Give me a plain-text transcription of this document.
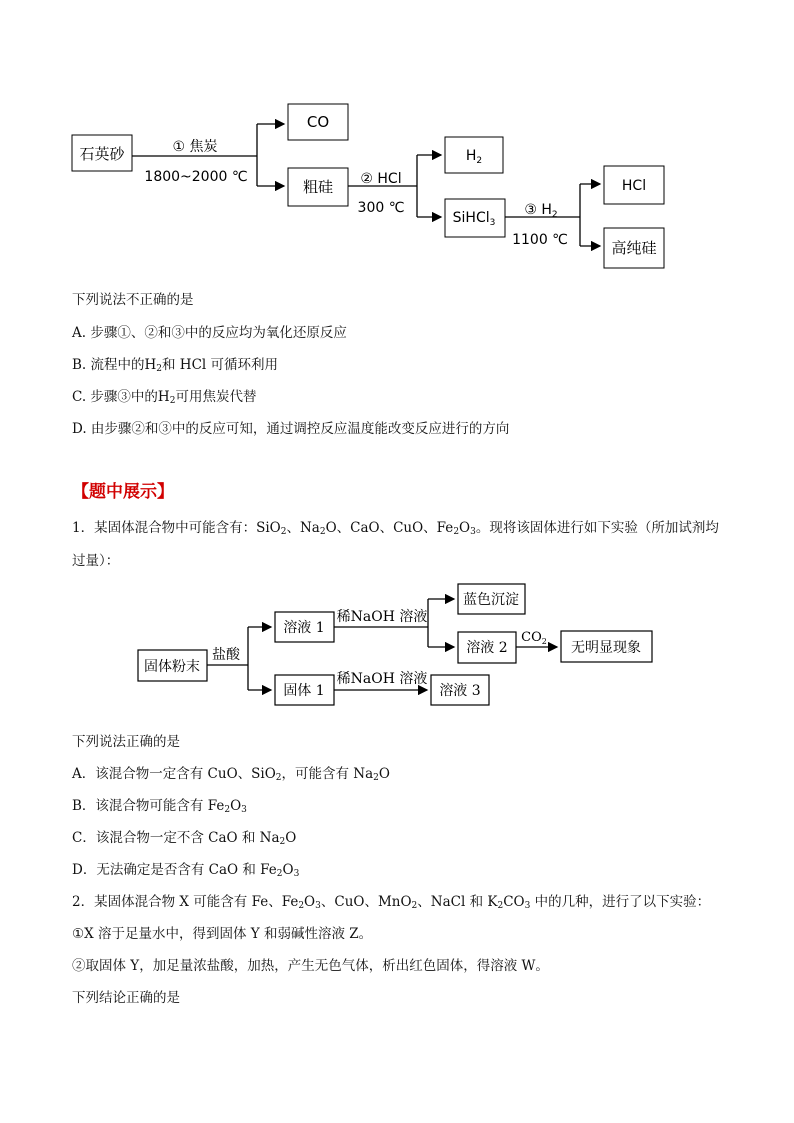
石英砂	① 焦炭
1800~2000 ℃
CO
粗硅 ② HCl
300 ℃
$H_2$
SiHCl$_3$
③ $H_2$
1100 ℃
HCl
高纯硅
下列说法不正确的是
A. 步骤①、②和③中的反应均为氧化还原反应
B. 流程中的$H_2$和 HCl 可循环利用
C. 步骤③中的$H_2$可用焦炭代替
D. 由步骤②和③中的反应可知，通过调控反应温度能改变反应进行的方向
【题中展示】
1．某固体混合物中可能含有：SiO$_2$、$Na_2O$、CaO、CuO、$Fe_2O_3$。现将该固体进行如下实验（所加试剂均
过量）：
固体粉末
盐酸
溶液 1
稀NaOH 溶液
蓝色沉淀
溶液 2
$CO_2$ 无明显现象
固体 1
稀NaOH 溶液
溶液 3
下列说法正确的是
A．该混合物一定含有 CuO、SiO$_2$，可能含有 $Na_2O$
B．该混合物可能含有 $Fe_2O_3$
C．该混合物一定不含 CaO 和 $Na_2O$
D．无法确定是否含有 CaO 和 $Fe_2O_3$
2．某固体混合物 X 可能含有 Fe、$Fe_2O_3$、CuO、MnO$_2$、NaCl 和 $K_2CO_3$ 中的几种，进行了以下实验：
①X 溶于足量水中，得到固体 Y 和弱碱性溶液 Z。
②取固体 Y，加足量浓盐酸，加热，产生无色气体，析出红色固体，得溶液 W。
下列结论正确的是
